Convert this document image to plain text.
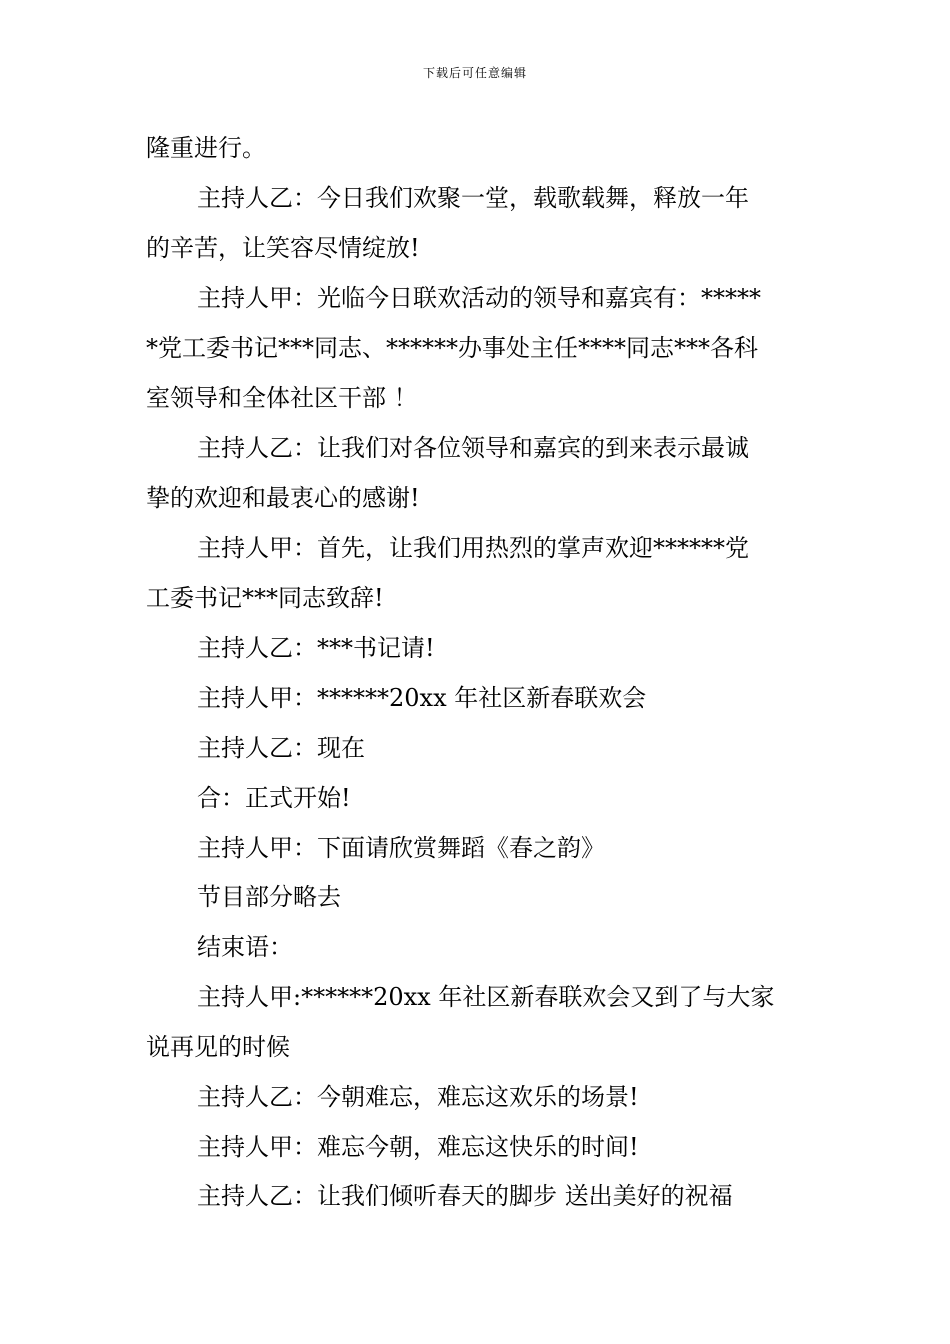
下载后可任意编辑
隆重进行。
主持人乙：今日我们欢聚一堂，载歌载舞，释放一年
的辛苦，让笑容尽情绽放!
主持人甲：光临今日联欢活动的领导和嘉宾有：*****
*党工委书记***同志、******办事处主任****同志***各科
室领导和全体社区干部 ！
主持人乙：让我们对各位领导和嘉宾的到来表示最诚
挚的欢迎和最衷心的感谢!
主持人甲：首先，让我们用热烈的掌声欢迎******党
工委书记***同志致辞!
主持人乙：***书记请!
主持人甲：******20xx 年社区新春联欢会
主持人乙：现在
合：正式开始!
主持人甲：下面请欣赏舞蹈《春之韵》
节目部分略去
结束语：
主持人甲:******20xx 年社区新春联欢会又到了与大家
说再见的时候
主持人乙：今朝难忘，难忘这欢乐的场景!
主持人甲：难忘今朝，难忘这快乐的时间!
主持人乙：让我们倾听春天的脚步 送出美好的祝福
